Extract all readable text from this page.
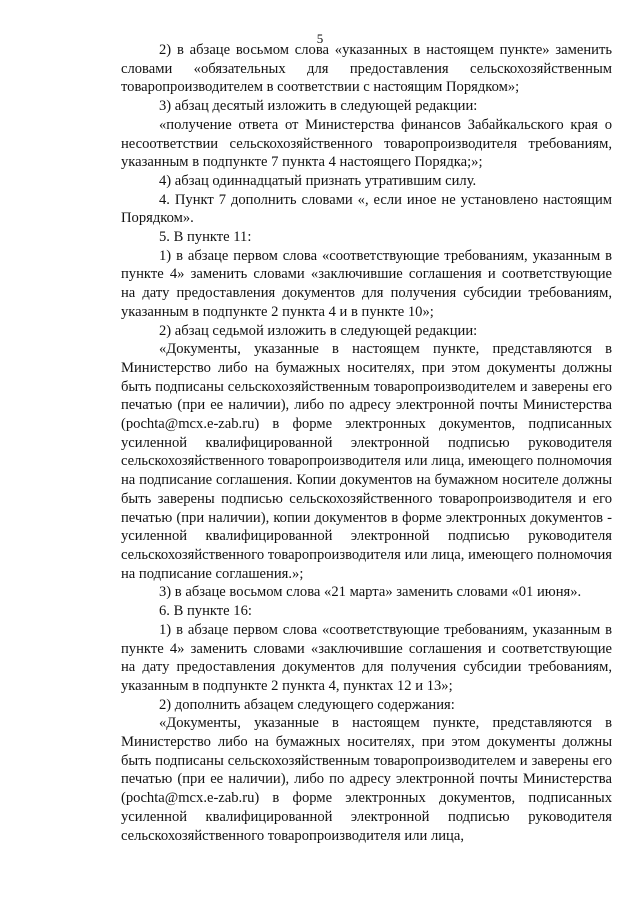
5

2) в абзаце восьмом слова «указанных в настоящем пункте» заменить словами «обязательных для предоставления сельскохозяйственным товаропроизводителем в соответствии с настоящим Порядком»;

3) абзац десятый изложить в следующей редакции:

«получение ответа от Министерства финансов Забайкальского края о несоответствии сельскохозяйственного товаропроизводителя требованиям, указанным в подпункте 7 пункта 4 настоящего Порядка;»;

4) абзац одиннадцатый признать утратившим силу.

4. Пункт 7 дополнить словами «, если иное не установлено настоящим Порядком».

5. В пункте 11:

1) в абзаце первом слова «соответствующие требованиям, указанным в пункте 4» заменить словами «заключившие соглашения и соответствующие на дату предоставления документов для получения субсидии требованиям, указанным в подпункте 2 пункта 4 и в пункте 10»;

2) абзац седьмой изложить в следующей редакции:

«Документы, указанные в настоящем пункте, представляются в Министерство либо на бумажных носителях, при этом документы должны быть подписаны сельскохозяйственным товаропроизводителем и заверены его печатью (при ее наличии), либо по адресу электронной почты Министерства (pochta@mcx.e-zab.ru) в форме электронных документов, подписанных усиленной квалифицированной электронной подписью руководителя сельскохозяйственного товаропроизводителя или лица, имеющего полномочия на подписание соглашения. Копии документов на бумажном носителе должны быть заверены подписью сельскохозяйственного товаропроизводителя и его печатью (при наличии), копии документов в форме электронных документов - усиленной квалифицированной электронной подписью руководителя сельскохозяйственного товаропроизводителя или лица, имеющего полномочия на подписание соглашения.»;

3) в абзаце восьмом слова «21 марта» заменить словами «01 июня».

6. В пункте 16:

1) в абзаце первом слова «соответствующие требованиям, указанным в пункте 4» заменить словами «заключившие соглашения и соответствующие на дату предоставления документов для получения субсидии требованиям, указанным в подпункте 2 пункта 4, пунктах 12 и 13»;

2) дополнить абзацем следующего содержания:

«Документы, указанные в настоящем пункте, представляются в Министерство либо на бумажных носителях, при этом документы должны быть подписаны сельскохозяйственным товаропроизводителем и заверены его печатью (при ее наличии), либо по адресу электронной почты Министерства (pochta@mcx.e-zab.ru) в форме электронных документов, подписанных усиленной квалифицированной электронной подписью руководителя сельскохозяйственного товаропроизводителя или лица,
